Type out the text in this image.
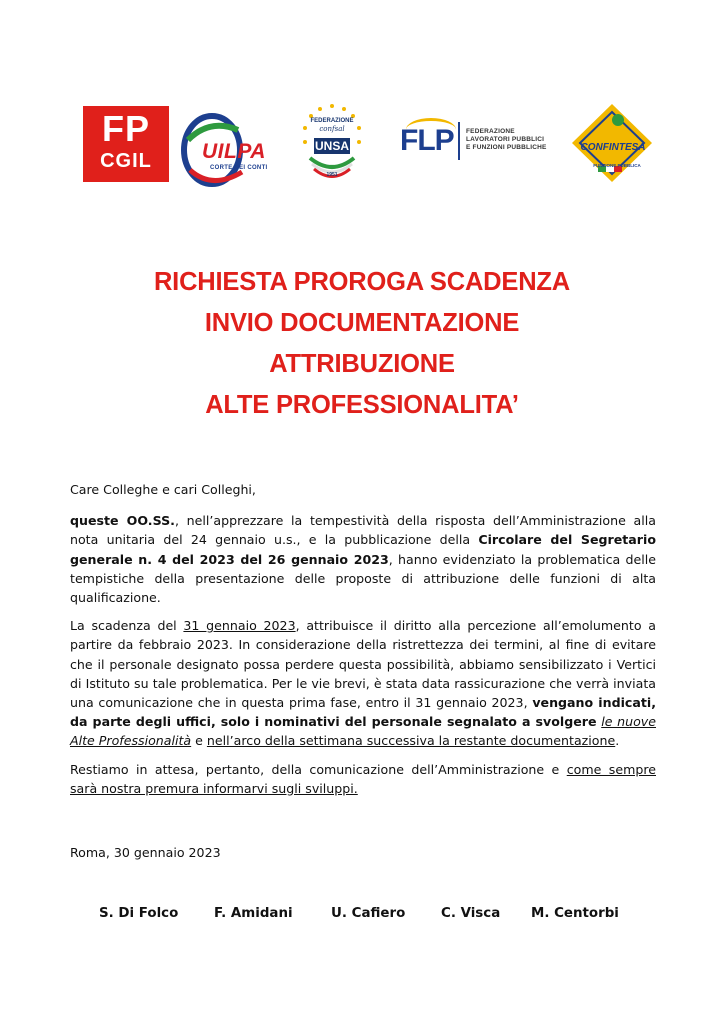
FP
CGIL	UILPA
CORTE DEI CONTI
FEDERAZIONE
confsal
UNSA
1951
FLP FEDERAZIONE
LAVORATORI PUBBLICI
E FUNZIONI PUBBLICHE	CONFINTESA
FUNZIONE PUBBLICA
RICHIESTA PROROGA SCADENZA
INVIO DOCUMENTAZIONE
ATTRIBUZIONE
ALTE PROFESSIONALITA’

Care Colleghe e cari Colleghi,

queste OO.SS., nell’apprezzare la tempestività della risposta dell’Amministrazione alla nota unitaria del 24 gennaio u.s., e la pubblicazione della Circolare del Segretario generale n. 4 del 2023 del 26 gennaio 2023, hanno evidenziato la problematica delle tempistiche della presentazione delle proposte di attribuzione delle funzioni di alta qualificazione.

La scadenza del 31 gennaio 2023, attribuisce il diritto alla percezione all’emolumento a partire da febbraio 2023. In considerazione della ristrettezza dei termini, al fine di evitare che il personale designato possa perdere questa possibilità, abbiamo sensibilizzato i Vertici di Istituto su tale problematica. Per le vie brevi, è stata data rassicurazione che verrà inviata una comunicazione che in questa prima fase, entro il 31 gennaio 2023, vengano indicati, da parte degli uffici, solo i nominativi del personale segnalato a svolgere le nuove Alte Professionalità e nell’arco della settimana successiva la restante documentazione.

Restiamo in attesa, pertanto, della comunicazione dell’Amministrazione e come sempre sarà nostra premura informarvi sugli sviluppi.

Roma, 30 gennaio 2023
S. Di Folco	F. Amidani	U. Cafiero	C. Visca M. Centorbi
